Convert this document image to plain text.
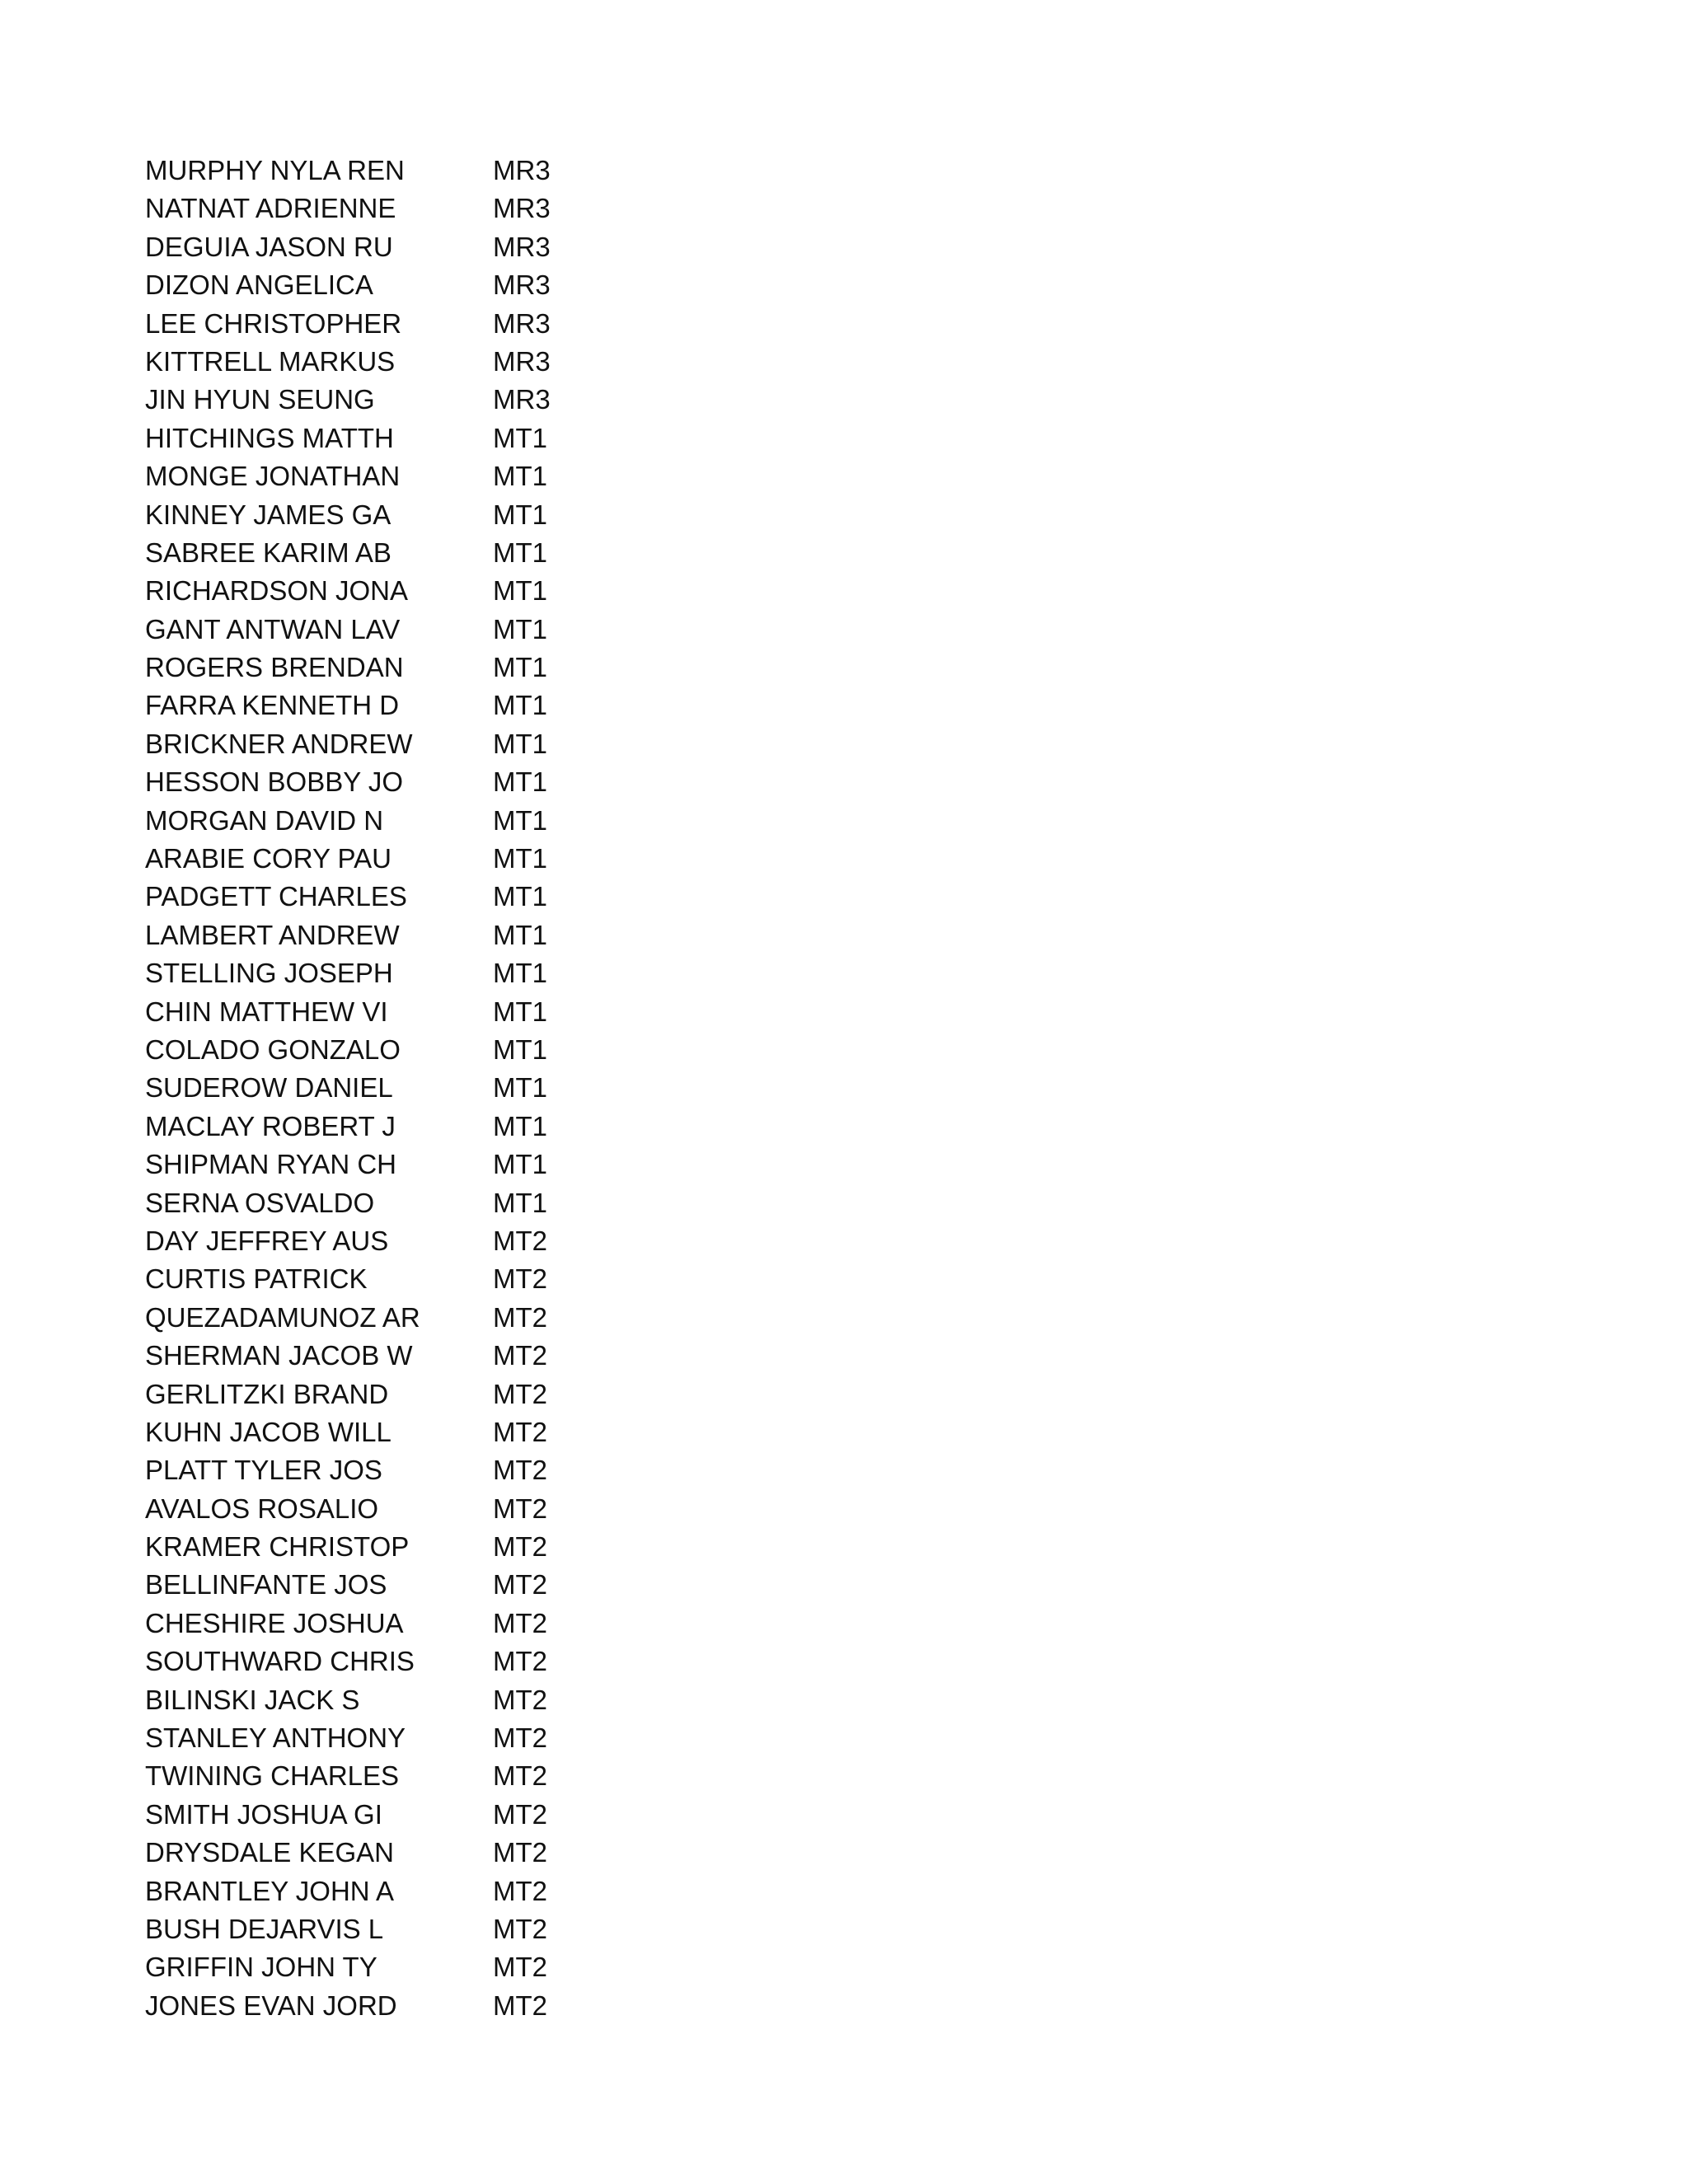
MURPHY NYLA REN	MR3
NATNAT ADRIENNE	MR3
DEGUIA JASON RU	MR3
DIZON ANGELICA	MR3
LEE CHRISTOPHER	MR3
KITTRELL MARKUS	MR3
JIN HYUN SEUNG	MR3
HITCHINGS MATTH	MT1
MONGE JONATHAN	MT1
KINNEY JAMES GA	MT1
SABREE KARIM AB	MT1
RICHARDSON JONA	MT1
GANT ANTWAN LAV	MT1
ROGERS BRENDAN	MT1
FARRA KENNETH D	MT1
BRICKNER ANDREW	MT1
HESSON BOBBY JO	MT1
MORGAN DAVID N	MT1
ARABIE CORY PAU	MT1
PADGETT CHARLES	MT1
LAMBERT ANDREW	MT1
STELLING JOSEPH	MT1
CHIN MATTHEW VI	MT1
COLADO GONZALO	MT1
SUDEROW DANIEL	MT1
MACLAY ROBERT J	MT1
SHIPMAN RYAN CH	MT1
SERNA OSVALDO	MT1
DAY JEFFREY AUS	MT2
CURTIS PATRICK	MT2
QUEZADAMUNOZ AR	MT2
SHERMAN JACOB W	MT2
GERLITZKI BRAND	MT2
KUHN JACOB WILL	MT2
PLATT TYLER JOS	MT2
AVALOS ROSALIO	MT2
KRAMER CHRISTOP	MT2
BELLINFANTE JOS	MT2
CHESHIRE JOSHUA	MT2
SOUTHWARD CHRIS	MT2
BILINSKI JACK S	MT2
STANLEY ANTHONY	MT2
TWINING CHARLES	MT2
SMITH JOSHUA GI	MT2
DRYSDALE KEGAN	MT2
BRANTLEY JOHN A	MT2
BUSH DEJARVIS L	MT2
GRIFFIN JOHN TY	MT2
JONES EVAN JORD	MT2
